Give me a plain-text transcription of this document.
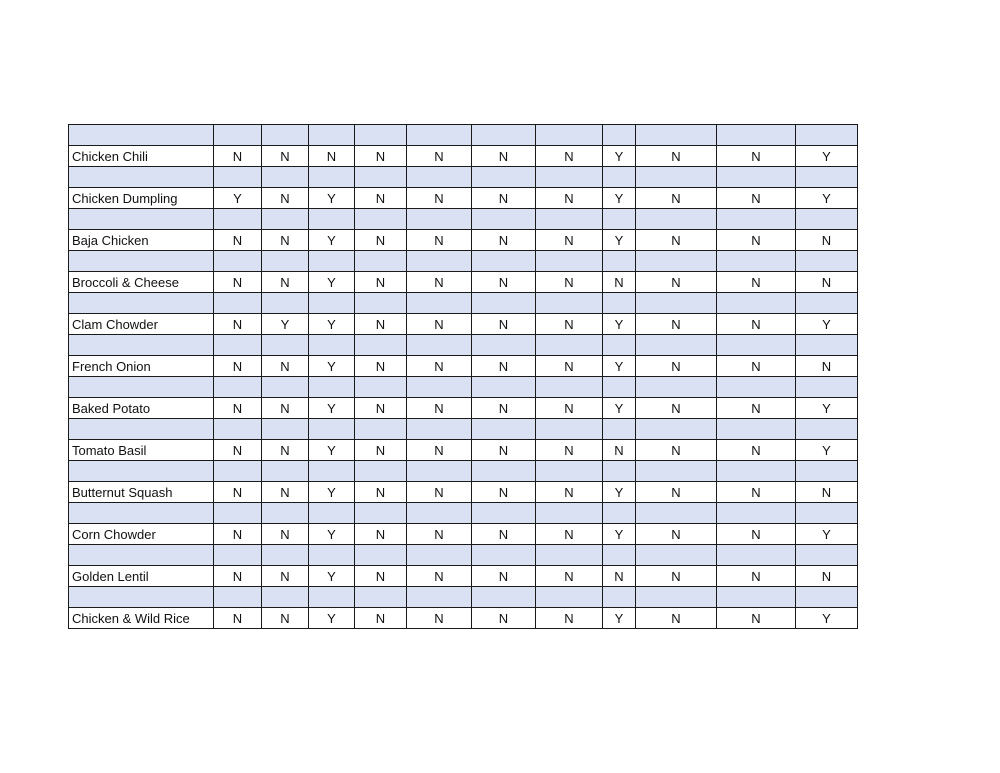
Chicken Chili	N	N	N	N	N	N	N	Y	N	N	Y

Chicken Dumpling	Y	N	Y	N	N	N	N	Y	N	N	Y

Baja Chicken	N	N	Y	N	N	N	N	Y	N	N	N

Broccoli & Cheese	N	N	Y	N	N	N	N	N	N	N	N

Clam Chowder	N	Y	Y	N	N	N	N	Y	N	N	Y

French Onion	N	N	Y	N	N	N	N	Y	N	N	N

Baked Potato	N	N	Y	N	N	N	N	Y	N	N	Y

Tomato Basil	N	N	Y	N	N	N	N	N	N	N	Y

Butternut Squash	N	N	Y	N	N	N	N	Y	N	N	N

Corn Chowder	N	N	Y	N	N	N	N	Y	N	N	Y

Golden Lentil	N	N	Y	N	N	N	N	N	N	N	N

Chicken & Wild Rice	N	N	Y	N	N	N	N	Y	N	N	Y
